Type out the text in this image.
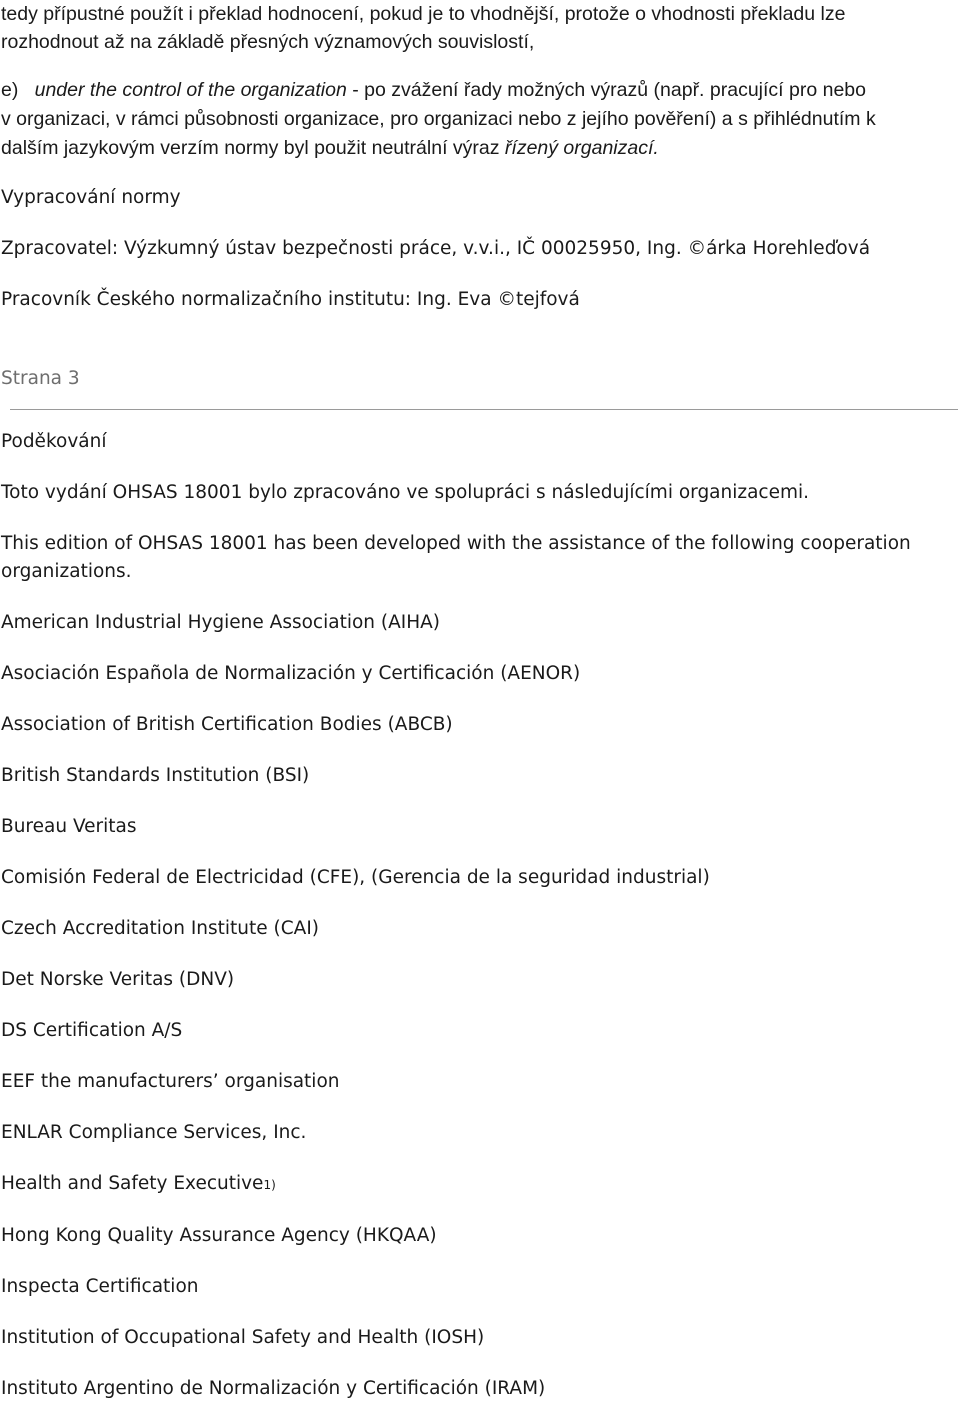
tedy přípustné použít i překlad hodnocení, pokud je to vhodnější, protože o vhodnosti překladu lze
rozhodnout až na základě přesných významových souvislostí,
e) under the control of the organization - po zvážení řady možných výrazů (např. pracující pro nebo
v organizaci, v rámci působnosti organizace, pro organizaci nebo z jejího pověření) a s přihlédnutím k
dalším jazykovým verzím normy byl použit neutrální výraz řízený organizací.
Vypracování normy
Zpracovatel: Výzkumný ústav bezpečnosti práce, v.v.i., IČ 00025950, Ing. ©árka Horehleďová
Pracovník Českého normalizačního institutu: Ing. Eva ©tejfová
Strana 3
Poděkování
Toto vydání OHSAS 18001 bylo zpracováno ve spolupráci s následujícími organizacemi.
This edition of OHSAS 18001 has been developed with the assistance of the following cooperation
organizations.
American Industrial Hygiene Association (AIHA)
Asociación Española de Normalización y Certificación (AENOR)
Association of British Certification Bodies (ABCB)
British Standards Institution (BSI)
Bureau Veritas
Comisión Federal de Electricidad (CFE), (Gerencia de la seguridad industrial)
Czech Accreditation Institute (CAI)
Det Norske Veritas (DNV)
DS Certification A/S
EEF the manufacturers’ organisation
ENLAR Compliance Services, Inc.
Health and Safety Executive1)
Hong Kong Quality Assurance Agency (HKQAA)
Inspecta Certification
Institution of Occupational Safety and Health (IOSH)
Instituto Argentino de Normalización y Certificación (IRAM)
